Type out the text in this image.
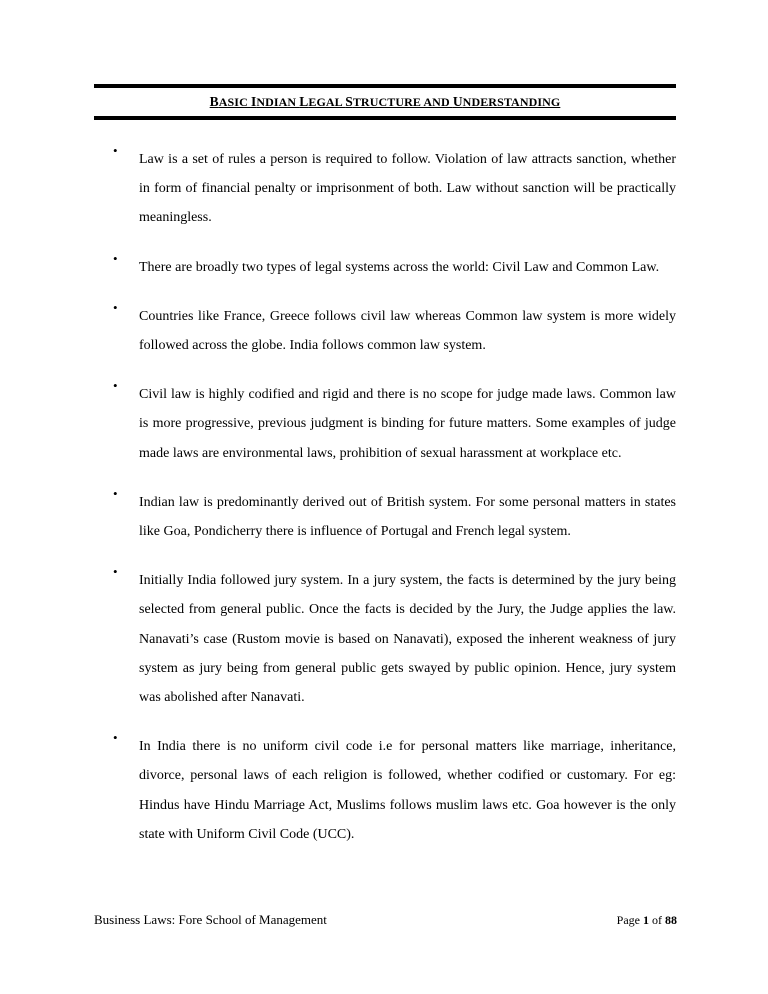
BASIC INDIAN LEGAL STRUCTURE AND UNDERSTANDING
•
Law is a set of rules a person is required to follow. Violation of law attracts sanction, whether in form of financial penalty or imprisonment of both. Law without sanction will be practically meaningless.
•
There are broadly two types of legal systems across the world: Civil Law and Common Law.
•
Countries like France, Greece follows civil law whereas Common law system is more widely followed across the globe. India follows common law system.
•
Civil law is highly codified and rigid and there is no scope for judge made laws. Common law is more progressive, previous judgment is binding for future matters. Some examples of judge made laws are environmental laws, prohibition of sexual harassment at workplace etc.
•
Indian law is predominantly derived out of British system. For some personal matters in states like Goa, Pondicherry there is influence of Portugal and French legal system.
•
Initially India followed jury system. In a jury system, the facts is determined by the jury being selected from general public. Once the facts is decided by the Jury, the Judge applies the law. Nanavati’s case (Rustom movie is based on Nanavati), exposed the inherent weakness of jury system as jury being from general public gets swayed by public opinion. Hence, jury system was abolished after Nanavati.
•
In India there is no uniform civil code i.e for personal matters like marriage, inheritance, divorce, personal laws of each religion is followed, whether codified or customary. For eg: Hindus have Hindu Marriage Act, Muslims follows muslim laws etc. Goa however is the only state with Uniform Civil Code (UCC).
Page 1 of 88
Business Laws: Fore School of Management
